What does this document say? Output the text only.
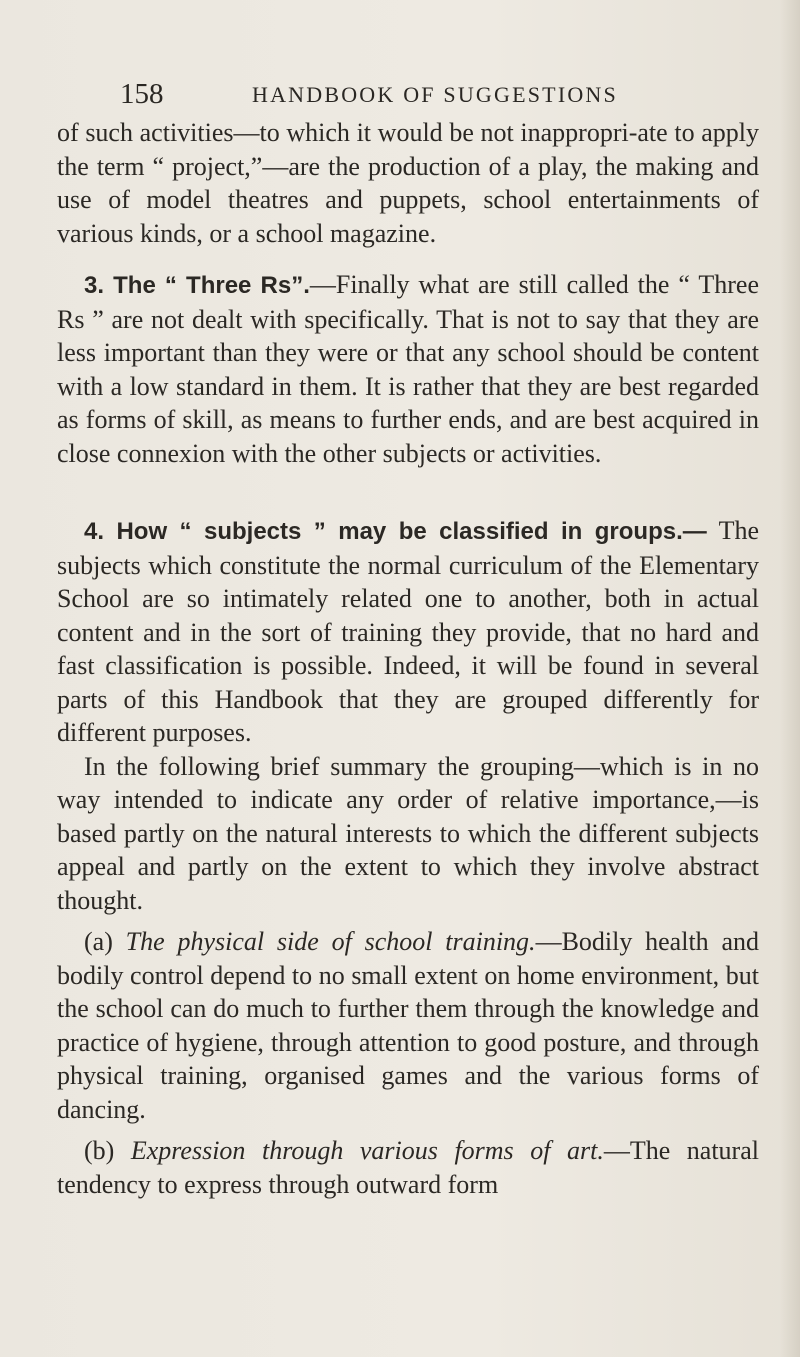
158	HANDBOOK OF SUGGESTIONS

of such activities—to which it would be not inappropri-ate to apply the term “ project,”—are the production of a play, the making and use of model theatres and puppets, school entertainments of various kinds, or a school magazine.

3. The “ Three Rs”.—Finally what are still called the “ Three Rs ” are not dealt with specifically. That is not to say that they are less important than they were or that any school should be content with a low standard in them. It is rather that they are best regarded as forms of skill, as means to further ends, and are best acquired in close connexion with the other subjects or activities.

4. How “ subjects ” may be classified in groups.— The subjects which constitute the normal curriculum of the Elementary School are so intimately related one to another, both in actual content and in the sort of training they provide, that no hard and fast classification is possible. Indeed, it will be found in several parts of this Handbook that they are grouped differently for different purposes.

In the following brief summary the grouping—which is in no way intended to indicate any order of relative importance,—is based partly on the natural interests to which the different subjects appeal and partly on the extent to which they involve abstract thought.

(a) The physical side of school training.—Bodily health and bodily control depend to no small extent on home environment, but the school can do much to further them through the knowledge and practice of hygiene, through attention to good posture, and through physical training, organised games and the various forms of dancing.

(b) Expression through various forms of art.—The natural tendency to express through outward form
